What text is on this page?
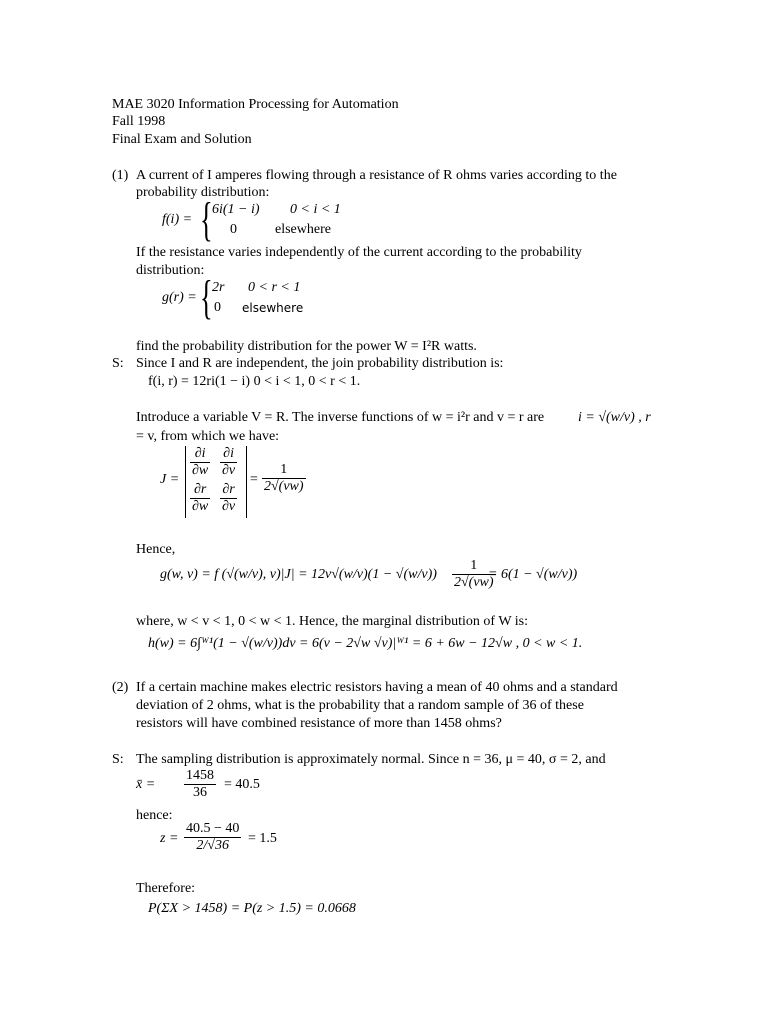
MAE 3020 Information Processing for Automation
Fall 1998
Final Exam and Solution
(1) A current of I amperes flowing through a resistance of R ohms varies according to the
probability distribution:
f(i) = { 6i(1 − i) 0 < i < 1
0	elsewhere
If the resistance varies independently of the current according to the probability
distribution:
g(r) = { 2r 0 < r < 1
0 elsewhere
find the probability distribution for the power W = I²R watts.
S: Since I and R are independent, the join probability distribution is:
f(i, r) = 12ri(1 − i) 0 < i < 1, 0 < r < 1.
Introduce a variable V = R. The inverse functions of w = i²r and v = r are i = √(w/v) , r
= v, from which we have:
J =
$\frac{\partial i}{\partial w} \frac{\partial i}{\partial v}$
$\frac{\partial r}{\partial w} \frac{\partial r}{\partial v}$
= $\frac{1}{2√(vw)}$
Hence,
g(w, v) = f (√(w/v), $v)|J| = 12v√(w/v)(1 - √(w/v)) \frac{1}{2√(vw)}$
= 6(1 − √(w/v))
where, w < v < 1, 0 < w < 1. Hence, the marginal distribution of W is:
h(w) = 6∫ᵂ¹(1 − √(w/v))dv = 6(v − 2√w √v)|ᵂ¹ = 6 + 6w − 12√w , 0 < w < 1.
(2) If a certain machine makes electric resistors having a mean of 40 ohms and a standard
deviation of 2 ohms, what is the probability that a random sample of 36 of these
resistors will have combined resistance of more than 1458 ohms?
S: The sampling distribution is approximately normal. Since n = 36, μ = 40, σ = 2, and
x̄ = $\frac{1458}{36} = 40.5$
hence:
$z = \frac{40.5 - 40}{2/√36} = 1.5$
Therefore:
P(ΣX > 1458) = P(z > 1.5) = 0.0668
